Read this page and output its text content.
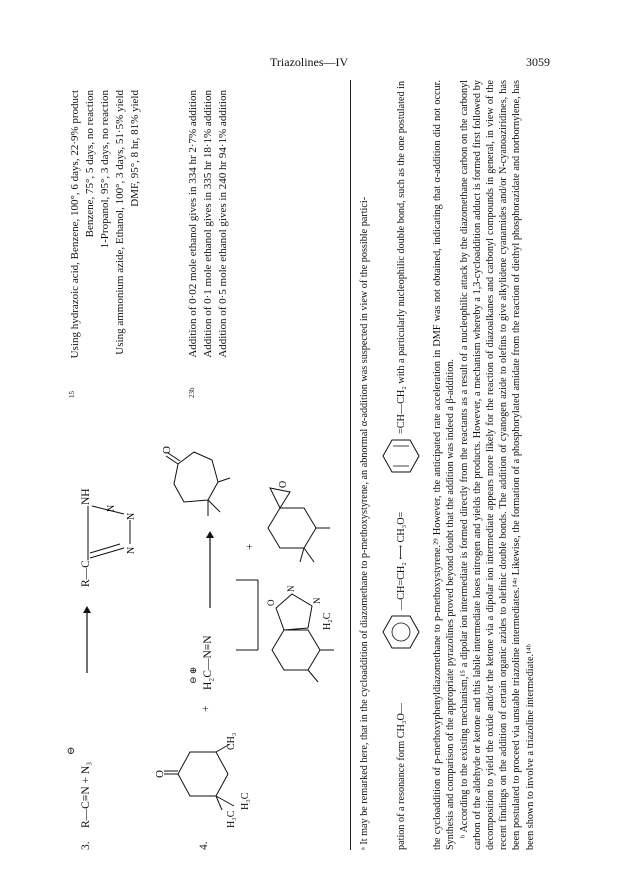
Triazolines—IV	3059
3.
R—C≡N + N₃
⊖
R—C
NH
N
N
N
15
Using hydrazoic acid, Benzene, 100°, 6 days, 22·9% product Benzene, 75°, 5 days, no reaction 1-Propanol, 95°, 3 days, no reaction Using ammonium azide, Ethanol, 100°, 3 days, 51·5% yield DMF, 95°, 8 hr, 81% yield
4.
O
H₃C
H₃C
CH₃
+
⊖ ⊕ H₂C—N≡N
O
+
O
O
N
N
H₂C
23b
Addition of 0·02 mole ethanol gives in 334 hr 2·7% addition Addition of 0·1 mole ethanol gives in 335 hr 18·1% addition Addition of 0·5 mole ethanol gives in 240 hr 94·1% addition	ᵃ It may be remarked here, that in the cycloaddition of diazomethane to p-methoxystyrene, an abnormal α-addition was suspected in view of the possible partici-	pation of a resonance form CH₃O—
—CH=CH₂ ⟷ CH₃O=
=CH—CH₂ with a particularly nucleophilic double bond, such as the one postulated in the cycloaddition of p-methoxyphenyldiazomethane to p-methoxystyrene.²⁹ However, the anticipated rate acceleration in DMF was not obtained, indicating that α-addition did not occur. Synthesis and comparison of the appropriate pyrazolines proved beyond doubt that the addition was indeed a β-addition. ᵇ According to the existing mechanism,¹⁵ a dipolar ion intermediate is formed directly from the reactants as a result of a nucleophilic attack by the diazomethane carbon on the carbonyl carbon of the aldehyde or ketone and this labile intermediate loses nitrogen and yields the products. However, a mechanism whereby a 1,3-cycloaddition adduct is formed first followed by decomposition to yield the oxide and/or the ketone via a dipolar ion intermediate appears more likely for the reaction of diazoalkanes and carbonyl compounds in general, in view of the recent findings on the addition of certain organic azides to olefinic double bonds. The addition of cyanogen azide to olefins to give alkylidene cyanamides and/or N-cyanoaziridines, has been postulated to proceed via unstable triazoline intermediates.¹⁴ᵃ Likewise, the formation of a phosphorylated amidate from the reaction of diethyl phosphorazidate and norbornylene, has been shown to involve a triazoline intermediate.¹⁴ᵇ
